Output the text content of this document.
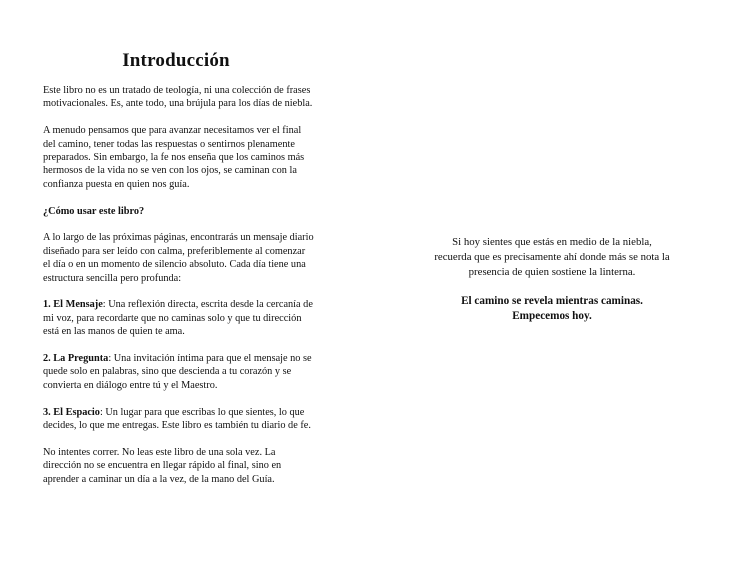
Introducción

Este libro no es un tratado de teología, ni una colección de frases motivacionales. Es, ante todo, una brújula para los días de niebla.

A menudo pensamos que para avanzar necesitamos ver el final del camino, tener todas las respuestas o sentirnos plenamente preparados. Sin embargo, la fe nos enseña que los caminos más hermosos de la vida no se ven con los ojos, se caminan con la confianza puesta en quien nos guía.

¿Cómo usar este libro?

A lo largo de las próximas páginas, encontrarás un mensaje diario diseñado para ser leído con calma, preferiblemente al comenzar el día o en un momento de silencio absoluto. Cada día tiene una estructura sencilla pero profunda:

1. El Mensaje: Una reflexión directa, escrita desde la cercanía de mi voz, para recordarte que no caminas solo y que tu dirección está en las manos de quien te ama.

2. La Pregunta: Una invitación íntima para que el mensaje no se quede solo en palabras, sino que descienda a tu corazón y se convierta en diálogo entre tú y el Maestro.

3. El Espacio: Un lugar para que escribas lo que sientes, lo que decides, lo que me entregas. Este libro es también tu diario de fe.

No intentes correr. No leas este libro de una sola vez. La dirección no se encuentra en llegar rápido al final, sino en aprender a caminar un día a la vez, de la mano del Guía.

Si hoy sientes que estás en medio de la niebla, recuerda que es precisamente ahí donde más se nota la presencia de quien sostiene la linterna.

El camino se revela mientras caminas. Empecemos hoy.
